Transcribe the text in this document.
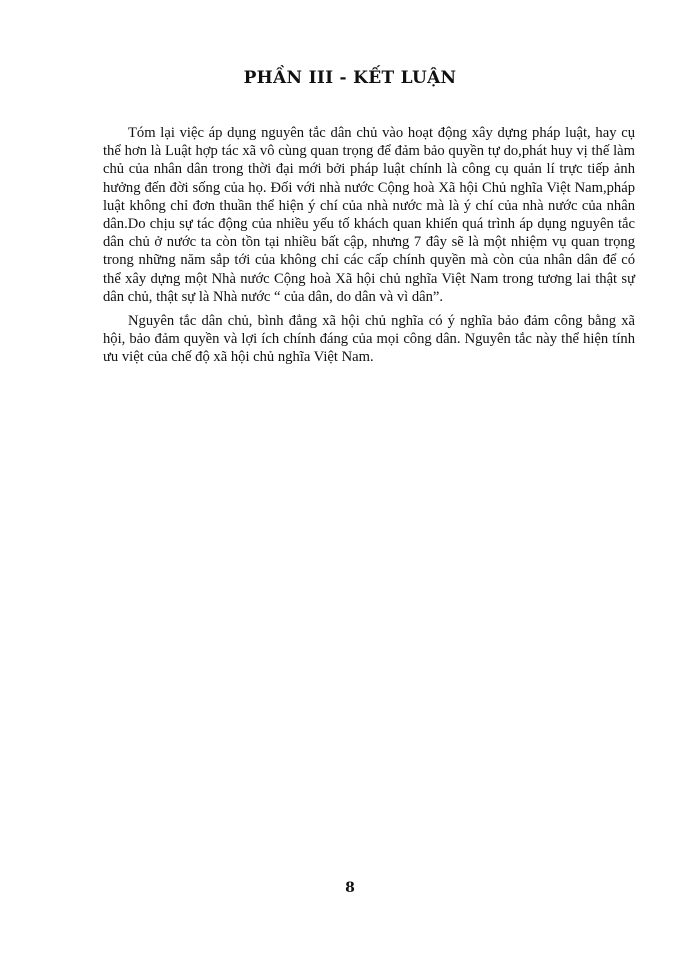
PHẦN III - KẾT LUẬN

Tóm lại việc áp dụng nguyên tắc dân chủ vào hoạt động xây dựng pháp luật, hay cụ thể hơn là Luật hợp tác xã vô cùng quan trọng để đảm bảo quyền tự do,phát huy vị thế làm chủ của nhân dân trong thời đại mới bởi pháp luật chính là công cụ quản lí trực tiếp ảnh hưởng đến đời sống của họ. Đối với nhà nước Cộng hoà Xã hội Chủ nghĩa Việt Nam,pháp luật không chỉ đơn thuần thể hiện ý chí của nhà nước mà là ý chí của nhà nước của nhân dân.Do chịu sự tác động của nhiều yếu tố khách quan khiến quá trình áp dụng nguyên tắc dân chủ ở nước ta còn tồn tại nhiều bất cập, nhưng 7 đây sẽ là một nhiệm vụ quan trọng trong những năm sắp tới của không chỉ các cấp chính quyền mà còn của nhân dân để có thể xây dựng một Nhà nước Cộng hoà Xã hội chủ nghĩa Việt Nam trong tương lai thật sự dân chủ, thật sự là Nhà nước “ của dân, do dân và vì dân”.

Nguyên tắc dân chủ, bình đẳng xã hội chủ nghĩa có ý nghĩa bảo đảm công bằng xã hội, bảo đảm quyền và lợi ích chính đáng của mọi công dân. Nguyên tắc này thể hiện tính ưu việt của chế độ xã hội chủ nghĩa Việt Nam.

8
